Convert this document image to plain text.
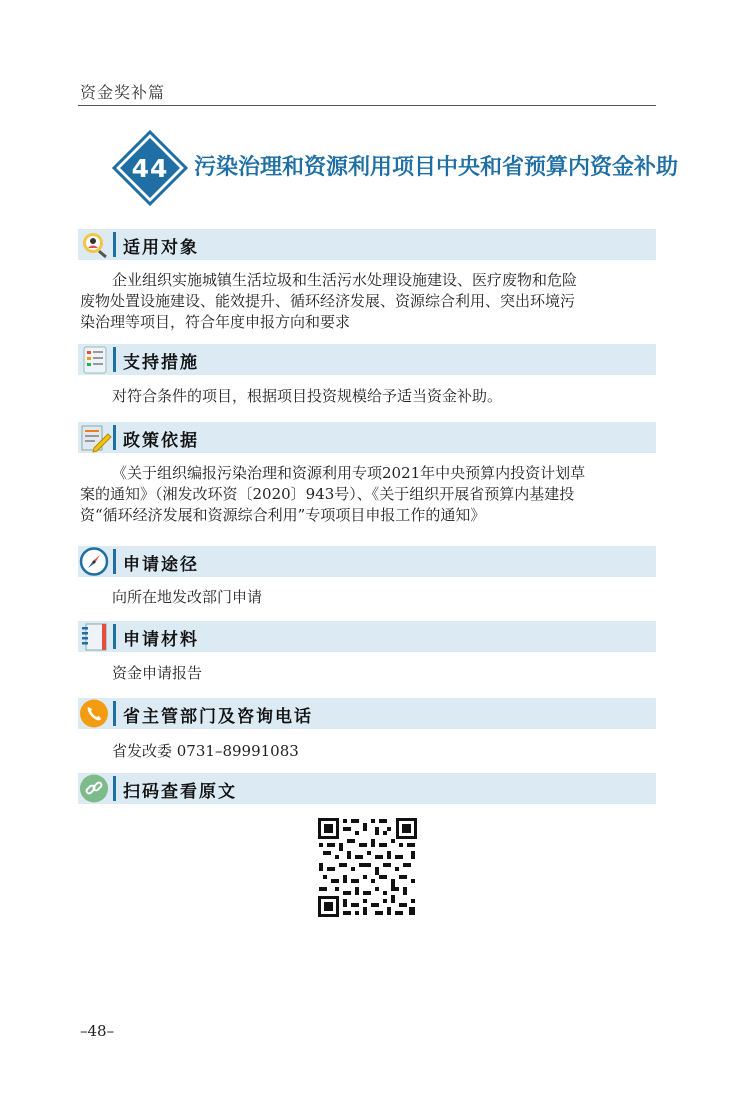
资金奖补篇
44	污染治理和资源利用项目中央和省预算内资金补助
适用对象
企业组织实施城镇生活垃圾和生活污水处理设施建设、医疗废物和危险
废物处置设施建设、能效提升、循环经济发展、资源综合利用、突出环境污
染治理等项目，符合年度申报方向和要求
支持措施
对符合条件的项目，根据项目投资规模给予适当资金补助。
政策依据
《关于组织编报污染治理和资源利用专项2021年中央预算内投资计划草
案的通知》（湘发改环资〔2020〕943号）、《关于组织开展省预算内基建投
资“循环经济发展和资源综合利用”专项项目申报工作的通知》
申请途径
向所在地发改部门申请
申请材料
资金申请报告
省主管部门及咨询电话
省发改委 0731–89991083
扫码查看原文
–48–
